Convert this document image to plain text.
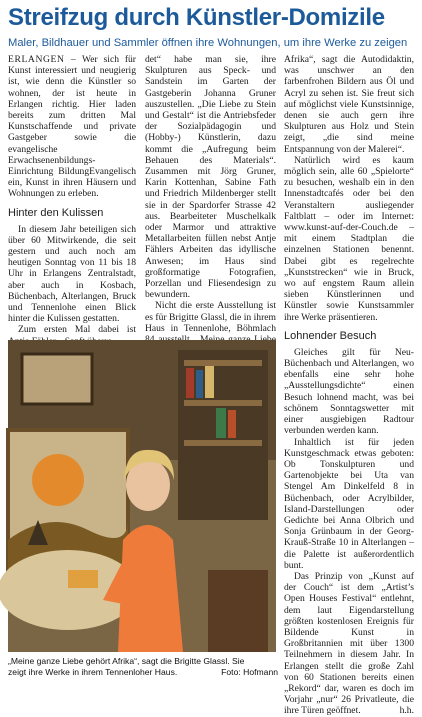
Streifzug durch Künstler-Domizile
Maler, Bildhauer und Sammler öffnen ihre Wohnungen, um ihre Werke zu zeigen

ERLANGEN – Wer sich für Kunst interessiert und neugierig ist, wie denn die Künstler so wohnen, der ist heute in Erlangen richtig. Hier laden bereits zum dritten Mal Kunstschaffende und private Gastgeber sowie die evangelische Erwachsenenbildungs-Einrichtung BildungEvangelisch ein, Kunst in ihren Häusern und Wohnungen zu erleben.

Hinter den Kulissen

In diesem Jahr beteiligen sich über 60 Mitwirkende, die seit gestern und auch noch am heutigen Sonntag von 11 bis 18 Uhr in Erlangens Zentralstadt, aber auch in Kosbach, Büchenbach, Alterlangen, Bruck und Tennenlohe einen Blick hinter die Kulissen gestatten.

Zum ersten Mal dabei ist

det“ habe man sie, ihre Skulpturen aus Speck- und Sandstein im Garten der Gastgeberin Johanna Gruner auszustellen. „Die Liebe zu Stein und Gestalt“ ist die Antriebsfeder der Sozialpädagogin und (Hobby-) Künstlerin, dazu kommt die „Aufregung beim Behauen des Materials“. Zusammen mit Jörg Gruner, Karin Kottenhan, Sabine Fath und Friedrich Mildenberger stellt sie in der Spardorfer Strasse 42 aus. Bearbeiteter Muschelkalk oder Marmor und attraktive Metallarbeiten füllen nebst Antje Fählers Arbeiten das idyllische Anwesen; im Haus sind großformatige Fotografien, Porzellan und Fliesendesign zu bewundern.

Nicht die erste Ausstellung ist es für Brigitte Glassl, die in ihrem Haus in Tennenlohe, Böhmlach

Afrika“, sagt die Autodidaktin, was unschwer an den farbenfrohen Bildern aus Öl und Acryl zu sehen ist. Sie freut sich auf möglichst viele Kunstsinnige, denen sie auch gern ihre Skulpturen aus Holz und Stein zeigt, „die sind meine Entspannung von der Malerei“.

Natürlich wird es kaum möglich sein, alle 60 „Spielorte“ zu besuchen, weshalb ein in den Innenstadtcafés oder bei den Veranstaltern ausliegender Faltblatt – oder im Internet: www.kunst-auf-der-Couch.de – mit einem Stadtplan die einzelnen Stationen benennt. Dabei gibt es regelrechte „Kunststrecken“ wie in Bruck, wo auf engstem Raum allein sieben Künstlerinnen und Künstler sowie Kunstsammler ihre Werke präsentieren.

Lohnender Besuch

Gleiches gilt für Neu-Büchenbach und Alterlangen, wo ebenfalls eine sehr hohe „Ausstellungsdichte“ einen Besuch lohnend macht, was bei schönem Sonntagswetter mit einer ausgiebigen Radtour verbunden werden kann.

Inhaltlich ist für jeden Kunstgeschmack etwas geboten: Ob Tonskulpturen und Gartenobjekte bei Uta van Stengel Am Dinkelfeld 8 in Büchenbach, oder Acrylbilder, Island-Darstellungen oder Gedichte bei Anna Olbrich und Sonja Grünbaum in der Georg-Krauß-Straße 10 in Alterlangen – die Palette ist außerordentlich bunt.

Das Prinzip von „Kunst auf der Couch“ ist dem „Artist’s Open Houses Festival“ entlehnt, dem laut Eigendarstellung größten kostenlosen Ereignis für Bildende Kunst in Großbritannien mit über 1300 Teilnehmern in diesem Jahr. In Erlangen stellt die große Zahl von 60 Stationen bereits einen „Rekord“ dar, waren es doch im Vorjahr „nur“ 26 Privatleute, die ihre Türen geöffnet.	h.h.

„Meine ganze Liebe gehört Afrika“, sagt die Brigitte Glassl. Sie
zeigt ihre Werke in ihrem Tennenloher Haus.	Foto: Hofmann
